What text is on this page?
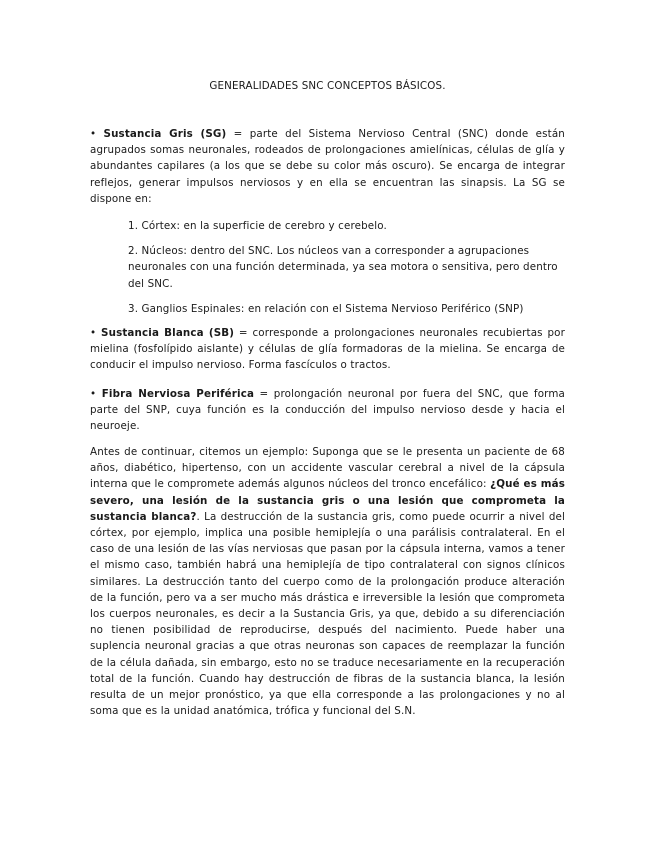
GENERALIDADES SNC CONCEPTOS BÁSICOS.

• Sustancia Gris (SG) = parte del Sistema Nervioso Central (SNC) donde están agrupados somas neuronales, rodeados de prolongaciones amielínicas, células de glía y abundantes capilares (a los que se debe su color más oscuro). Se encarga de integrar reflejos, generar impulsos nerviosos y en ella se encuentran las sinapsis. La SG se dispone en:

1. Córtex: en la superficie de cerebro y cerebelo.
2. Núcleos: dentro del SNC. Los núcleos van a corresponder a agrupaciones neuronales con una función determinada, ya sea motora o sensitiva, pero dentro del SNC.
3. Ganglios Espinales: en relación con el Sistema Nervioso Periférico (SNP)

• Sustancia Blanca (SB) = corresponde a prolongaciones neuronales recubiertas por mielina (fosfolípido aislante) y células de glía formadoras de la mielina. Se encarga de conducir el impulso nervioso. Forma fascículos o tractos.

• Fibra Nerviosa Periférica = prolongación neuronal por fuera del SNC, que forma parte del SNP, cuya función es la conducción del impulso nervioso desde y hacia el neuroeje.

Antes de continuar, citemos un ejemplo: Suponga que se le presenta un paciente de 68 años, diabético, hipertenso, con un accidente vascular cerebral a nivel de la cápsula interna que le compromete además algunos núcleos del tronco encefálico: ¿Qué es más severo, una lesión de la sustancia gris o una lesión que comprometa la sustancia blanca?. La destrucción de la sustancia gris, como puede ocurrir a nivel del córtex, por ejemplo, implica una posible hemiplejía o una parálisis contralateral. En el caso de una lesión de las vías nerviosas que pasan por la cápsula interna, vamos a tener el mismo caso, también habrá una hemiplejía de tipo contralateral con signos clínicos similares. La destrucción tanto del cuerpo como de la prolongación produce alteración de la función, pero va a ser mucho más drástica e irreversible la lesión que comprometa los cuerpos neuronales, es decir a la Sustancia Gris, ya que, debido a su diferenciación no tienen posibilidad de reproducirse, después del nacimiento. Puede haber una suplencia neuronal gracias a que otras neuronas son capaces de reemplazar la función de la célula dañada, sin embargo, esto no se traduce necesariamente en la recuperación total de la función. Cuando hay destrucción de fibras de la sustancia blanca, la lesión resulta de un mejor pronóstico, ya que ella corresponde a las prolongaciones y no al soma que es la unidad anatómica, trófica y funcional del S.N.
